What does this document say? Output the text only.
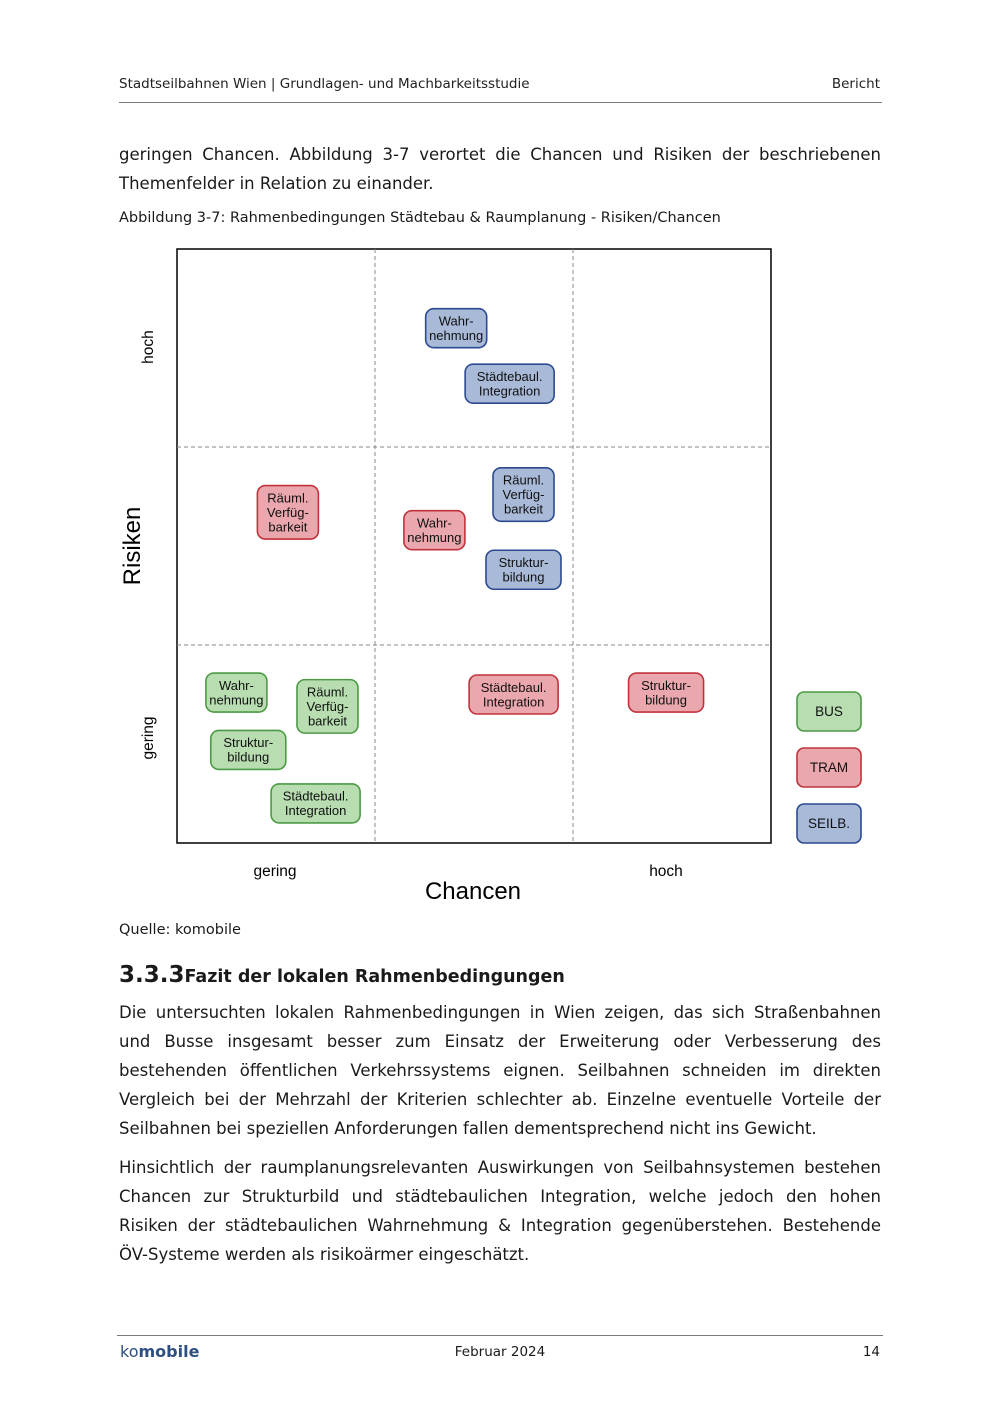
Stadtseilbahnen Wien | Grundlagen- und Machbarkeitsstudie	Bericht

geringen Chancen. Abbildung 3-7 verortet die Chancen und Risiken der beschriebenen Themenfelder in Relation zu einander.

Abbildung 3-7: Rahmenbedingungen Städtebau & Raumplanung - Risiken/Chancen
Wahr-
nehmung
Städtebaul.
Integration
Räuml.
Verfüg-
barkeit
Struktur-
bildung
Räuml.
Verfüg-
barkeit	Wahr-
nehmung
Städtebaul.
Integration
Struktur-
bildung
Wahr-
nehmung
Räuml.
Verfüg-
barkeit
Struktur-
bildung
Städtebaul.
Integration
BUS
TRAM
SEILB.
gering	hoch
Chancen
hoch
gering
Risiken
Quelle: komobile
3.3.3Fazit der lokalen Rahmenbedingungen

Die untersuchten lokalen Rahmenbedingungen in Wien zeigen, das sich Straßenbahnen und Busse insgesamt besser zum Einsatz der Erweiterung oder Verbesserung des bestehenden öffentlichen Verkehrssystems eignen. Seilbahnen schneiden im direkten Vergleich bei der Mehrzahl der Kriterien schlechter ab. Einzelne eventuelle Vorteile der Seilbahnen bei speziellen Anforderungen fallen dementsprechend nicht ins Gewicht.

Hinsichtlich der raumplanungsrelevanten Auswirkungen von Seilbahnsystemen bestehen Chancen zur Strukturbild und städtebaulichen Integration, welche jedoch den hohen Risiken der städtebaulichen Wahrnehmung & Integration gegenüberstehen. Bestehende ÖV-Systeme werden als risikoärmer eingeschätzt.

komobile	Februar 2024	14
